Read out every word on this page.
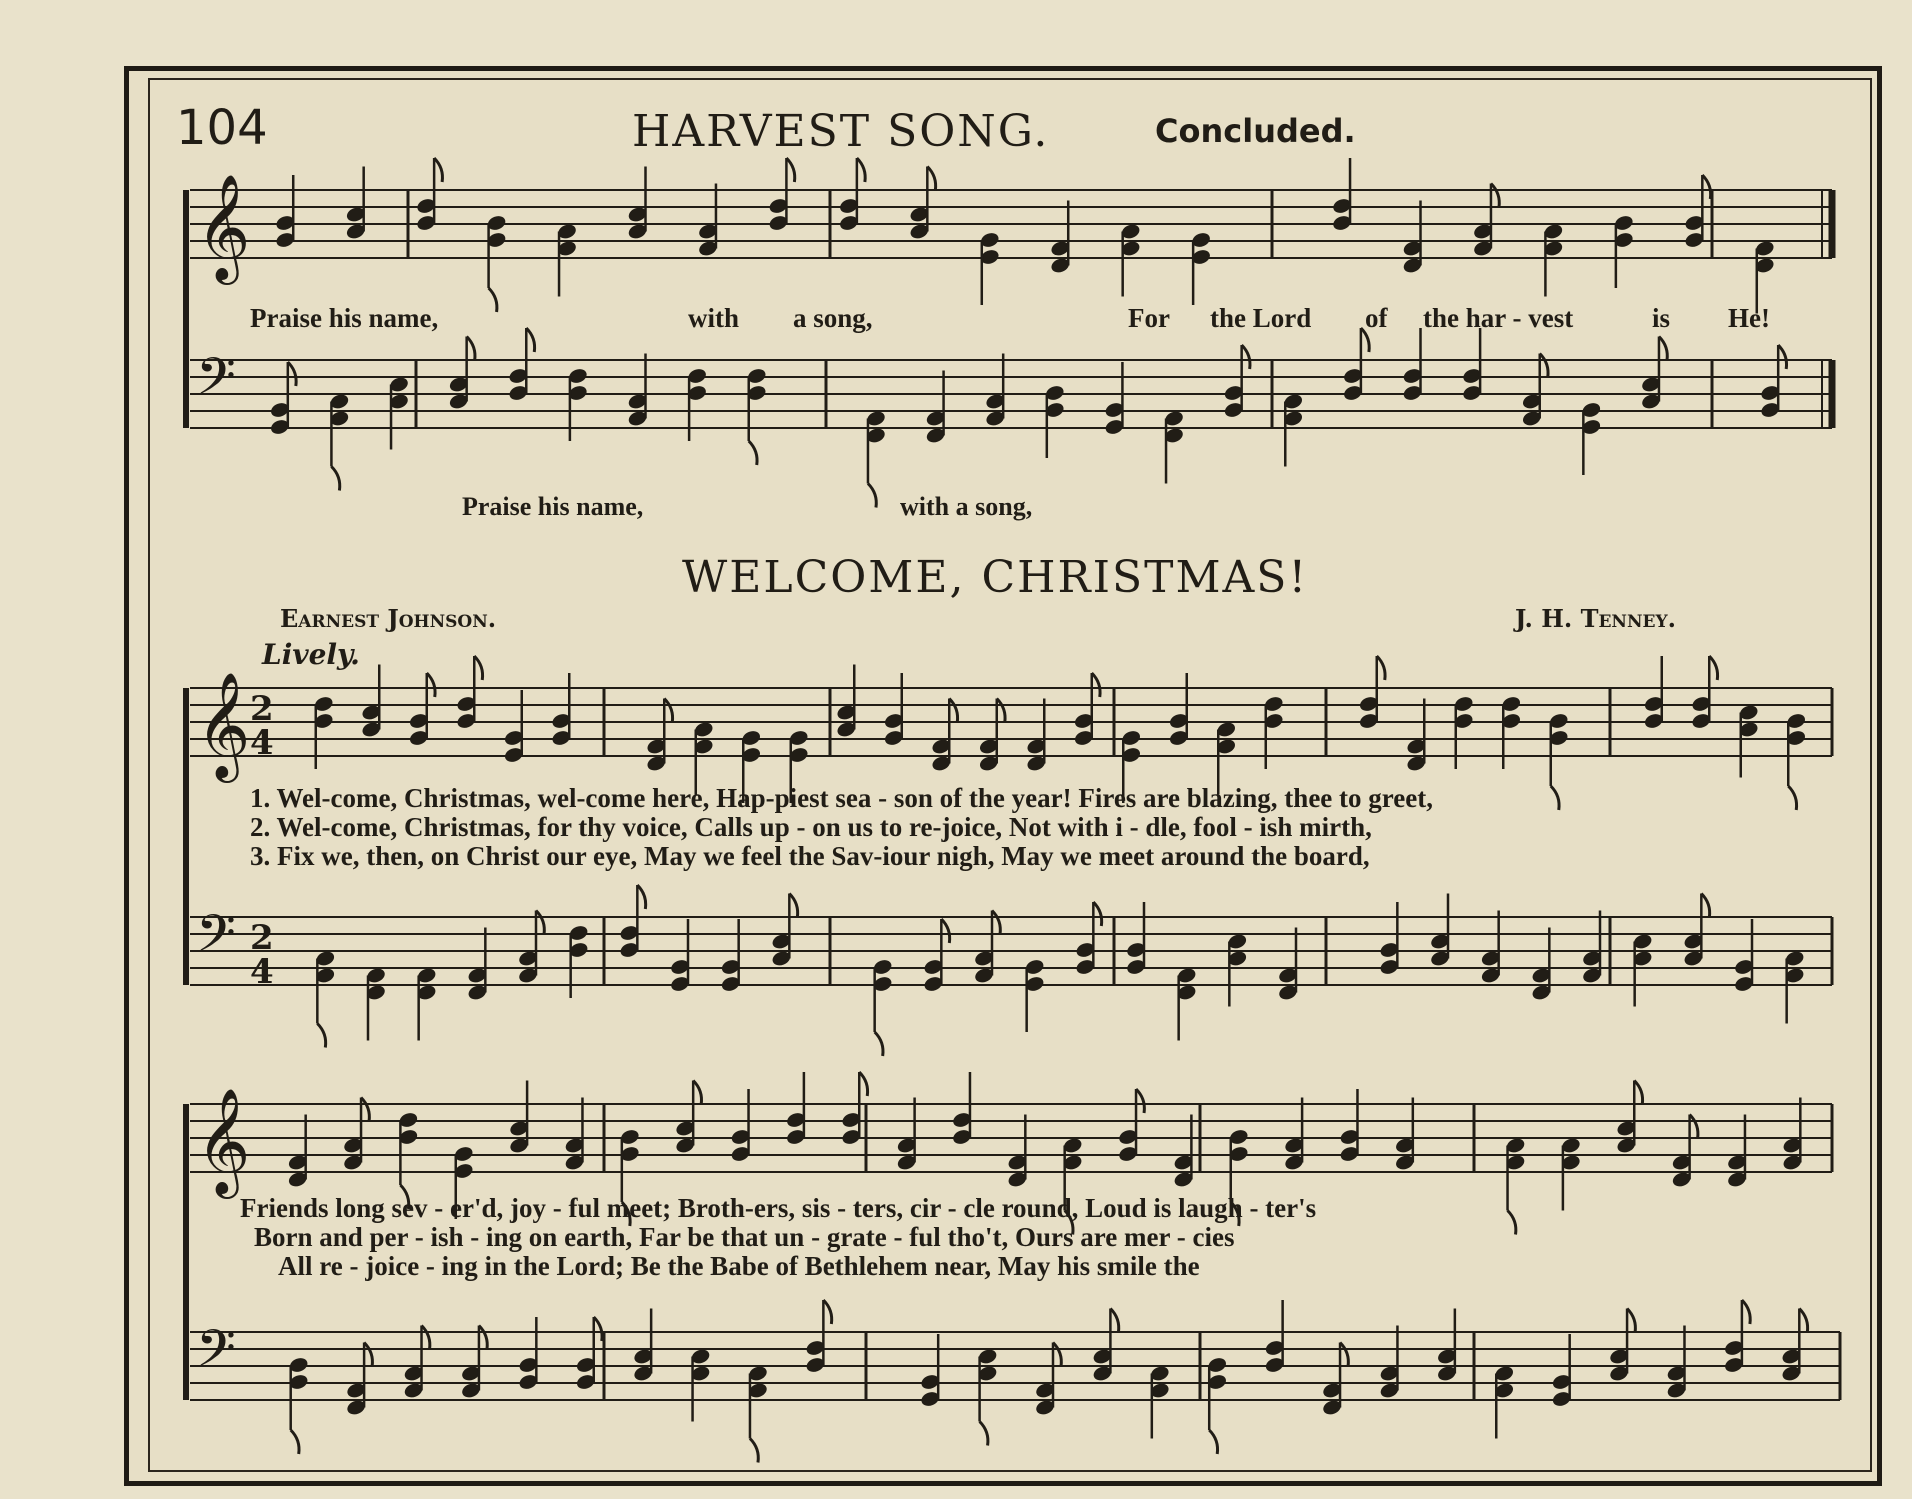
104	HARVEST SONG.	Concluded.
𝄞
𝄢
𝄞
𝄢
𝄞
𝄢
2
4
2
4
Praise his name,	with a song,	For the Lord of the har - vest	is He!
Praise his name,	with a song,
WELCOME, CHRISTMAS!
Earnest Johnson.	J. H. Tenney.
Lively.
1. Wel-come, Christmas, wel-come here, Hap-piest sea - son of the year! Fires are blazing, thee to greet,
2. Wel-come, Christmas, for thy voice, Calls up - on us to re-joice, Not with i - dle, fool - ish mirth,
3. Fix we, then, on Christ our eye, May we feel the Sav-iour nigh, May we meet around the board,
Friends long sev - er'd, joy - ful meet; Broth-ers, sis - ters, cir - cle round, Loud is laugh - ter's
Born and per - ish - ing on earth, Far be that un - grate - ful tho't, Ours are mer - cies
All re - joice - ing in the Lord; Be the Babe of Bethlehem near, May his smile the
